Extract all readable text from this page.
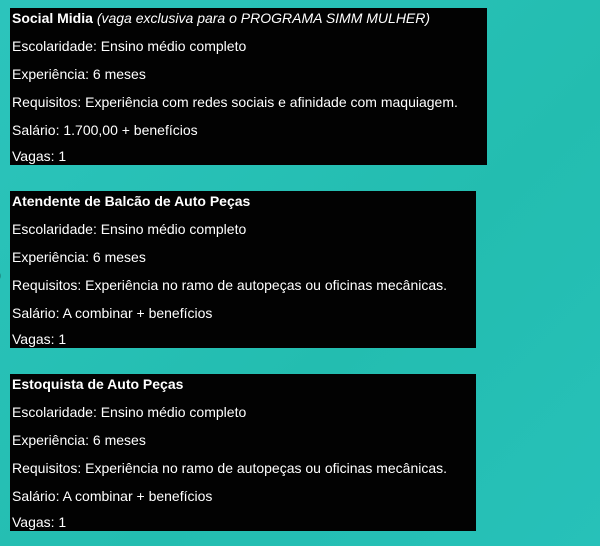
Social Midia (vaga exclusiva para o PROGRAMA SIMM MULHER)
Escolaridade: Ensino médio completo
Experiência: 6 meses
Requisitos: Experiência com redes sociais e afinidade com maquiagem.
Salário: 1.700,00 + benefícios
Vagas: 1
Atendente de Balcão de Auto Peças
Escolaridade: Ensino médio completo
Experiência: 6 meses
Requisitos: Experiência no ramo de autopeças ou oficinas mecânicas.
Salário: A combinar + benefícios
Vagas: 1
Estoquista de Auto Peças
Escolaridade: Ensino médio completo
Experiência: 6 meses
Requisitos: Experiência no ramo de autopeças ou oficinas mecânicas.
Salário: A combinar + benefícios
Vagas: 1
